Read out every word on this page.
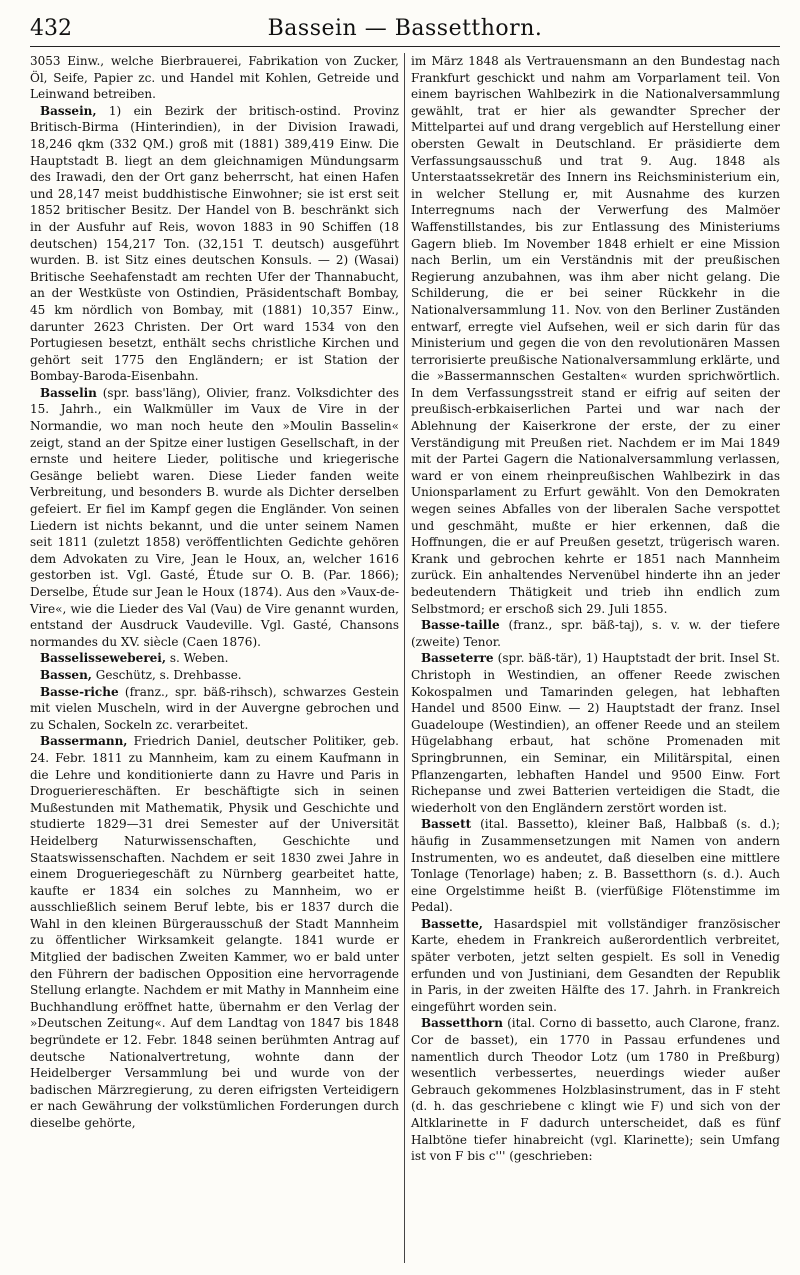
432	Bassein — Bassetthorn.

3053 Einw., welche Bierbrauerei, Fabrikation von Zucker, Öl, Seife, Papier zc. und Handel mit Kohlen, Getreide und Leinwand betreiben.

Bassein, 1) ein Bezirk der britisch-ostind. Provinz Britisch-Birma (Hinterindien), in der Division Irawadi, 18,246 qkm (332 QM.) groß mit (1881) 389,419 Einw. Die Hauptstadt B. liegt an dem gleichnamigen Mündungsarm des Irawadi, den der Ort ganz beherrscht, hat einen Hafen und 28,147 meist buddhistische Einwohner; sie ist erst seit 1852 britischer Besitz. Der Handel von B. beschränkt sich in der Ausfuhr auf Reis, wovon 1883 in 90 Schiffen (18 deutschen) 154,217 Ton. (32,151 T. deutsch) ausgeführt wurden. B. ist Sitz eines deutschen Konsuls. — 2) (Wasai) Britische Seehafenstadt am rechten Ufer der Thannabucht, an der Westküste von Ostindien, Präsidentschaft Bombay, 45 km nördlich von Bombay, mit (1881) 10,357 Einw., darunter 2623 Christen. Der Ort ward 1534 von den Portugiesen besetzt, enthält sechs christliche Kirchen und gehört seit 1775 den Engländern; er ist Station der Bombay-Baroda-Eisenbahn.

Basselin (spr. bass'läng), Olivier, franz. Volksdichter des 15. Jahrh., ein Walkmüller im Vaux de Vire in der Normandie, wo man noch heute den »Moulin Basselin« zeigt, stand an der Spitze einer lustigen Gesellschaft, in der ernste und heitere Lieder, politische und kriegerische Gesänge beliebt waren. Diese Lieder fanden weite Verbreitung, und besonders B. wurde als Dichter derselben gefeiert. Er fiel im Kampf gegen die Engländer. Von seinen Liedern ist nichts bekannt, und die unter seinem Namen seit 1811 (zuletzt 1858) veröffentlichten Gedichte gehören dem Advokaten zu Vire, Jean le Houx, an, welcher 1616 gestorben ist. Vgl. Gasté, Étude sur O. B. (Par. 1866); Derselbe, Étude sur Jean le Houx (1874). Aus den »Vaux-de-Vire«, wie die Lieder des Val (Vau) de Vire genannt wurden, entstand der Ausdruck Vaudeville. Vgl. Gasté, Chansons normandes du XV. siècle (Caen 1876).

Basselisseweberei, s. Weben.

Bassen, Geschütz, s. Drehbasse.

Basse-riche (franz., spr. bäß-rihsch), schwarzes Gestein mit vielen Muscheln, wird in der Auvergne gebrochen und zu Schalen, Sockeln zc. verarbeitet.

Bassermann, Friedrich Daniel, deutscher Politiker, geb. 24. Febr. 1811 zu Mannheim, kam zu einem Kaufmann in die Lehre und konditionierte dann zu Havre und Paris in Droguerieгeschäften. Er beschäftigte sich in seinen Mußestunden mit Mathematik, Physik und Geschichte und studierte 1829—31 drei Semester auf der Universität Heidelberg Naturwissenschaften, Geschichte und Staatswissenschaften. Nachdem er seit 1830 zwei Jahre in einem Drogueriegeschäft zu Nürnberg gearbeitet hatte, kaufte er 1834 ein solches zu Mannheim, wo er ausschließlich seinem Beruf lebte, bis er 1837 durch die Wahl in den kleinen Bürgerausschuß der Stadt Mannheim zu öffentlicher Wirksamkeit gelangte. 1841 wurde er Mitglied der badischen Zweiten Kammer, wo er bald unter den Führern der badischen Opposition eine hervorragende Stellung erlangte. Nachdem er mit Mathy in Mannheim eine Buchhandlung eröffnet hatte, übernahm er den Verlag der »Deutschen Zeitung«. Auf dem Landtag von 1847 bis 1848 begründete er 12. Febr. 1848 seinen berühmten Antrag auf deutsche Nationalvertretung, wohnte dann der Heidelberger Versammlung bei und wurde von der badischen Märzregierung, zu deren eifrigsten Verteidigern er nach Gewährung der volkstümlichen Forderungen durch dieselbe gehörte,

im März 1848 als Vertrauensmann an den Bundestag nach Frankfurt geschickt und nahm am Vorparlament teil. Von einem bayrischen Wahlbezirk in die Nationalversammlung gewählt, trat er hier als gewandter Sprecher der Mittelpartei auf und drang vergeblich auf Herstellung einer obersten Gewalt in Deutschland. Er präsidierte dem Verfassungsausschuß und trat 9. Aug. 1848 als Unterstaatssekretär des Innern ins Reichsministerium ein, in welcher Stellung er, mit Ausnahme des kurzen Interregnums nach der Verwerfung des Malmöer Waffenstillstandes, bis zur Entlassung des Ministeriums Gagern blieb. Im November 1848 erhielt er eine Mission nach Berlin, um ein Verständnis mit der preußischen Regierung anzubahnen, was ihm aber nicht gelang. Die Schilderung, die er bei seiner Rückkehr in die Nationalversammlung 11. Nov. von den Berliner Zuständen entwarf, erregte viel Aufsehen, weil er sich darin für das Ministerium und gegen die von den revolutionären Massen terrorisierte preußische Nationalversammlung erklärte, und die »Bassermannschen Gestalten« wurden sprichwörtlich. In dem Verfassungsstreit stand er eifrig auf seiten der preußisch-erbkaiserlichen Partei und war nach der Ablehnung der Kaiserkrone der erste, der zu einer Verständigung mit Preußen riet. Nachdem er im Mai 1849 mit der Partei Gagern die Nationalversammlung verlassen, ward er von einem rheinpreußischen Wahlbezirk in das Unionsparlament zu Erfurt gewählt. Von den Demokraten wegen seines Abfalles von der liberalen Sache verspottet und geschmäht, mußte er hier erkennen, daß die Hoffnungen, die er auf Preußen gesetzt, trügerisch waren. Krank und gebrochen kehrte er 1851 nach Mannheim zurück. Ein anhaltendes Nervenübel hinderte ihn an jeder bedeutendern Thätigkeit und trieb ihn endlich zum Selbstmord; er erschoß sich 29. Juli 1855.

Basse-taille (franz., spr. bäß-taj), s. v. w. der tiefere (zweite) Tenor.

Basseterre (spr. bäß-tär), 1) Hauptstadt der brit. Insel St. Christoph in Westindien, an offener Reede zwischen Kokospalmen und Tamarinden gelegen, hat lebhaften Handel und 8500 Einw. — 2) Hauptstadt der franz. Insel Guadeloupe (Westindien), an offener Reede und an steilem Hügelabhang erbaut, hat schöne Promenaden mit Springbrunnen, ein Seminar, ein Militärspital, einen Pflanzengarten, lebhaften Handel und 9500 Einw. Fort Richepanse und zwei Batterien verteidigen die Stadt, die wiederholt von den Engländern zerstört worden ist.

Bassett (ital. Bassetto), kleiner Baß, Halbbaß (s. d.); häufig in Zusammensetzungen mit Namen von andern Instrumenten, wo es andeutet, daß dieselben eine mittlere Tonlage (Tenorlage) haben; z. B. Bassetthorn (s. d.). Auch eine Orgelstimme heißt B. (vierfüßige Flötenstimme im Pedal).

Bassette, Hasardspiel mit vollständiger französischer Karte, ehedem in Frankreich außerordentlich verbreitet, später verboten, jetzt selten gespielt. Es soll in Venedig erfunden und von Justiniani, dem Gesandten der Republik in Paris, in der zweiten Hälfte des 17. Jahrh. in Frankreich eingeführt worden sein.

Bassetthorn (ital. Corno di bassetto, auch Clarone, franz. Cor de basset), ein 1770 in Passau erfundenes und namentlich durch Theodor Lotz (um 1780 in Preßburg) wesentlich verbessertes, neuerdings wieder außer Gebrauch gekommenes Holzblasinstrument, das in F steht (d. h. das geschriebene c klingt wie F) und sich von der Altklarinette in F dadurch unterscheidet, daß es fünf Halbtöne tiefer hinabreicht (vgl. Klarinette); sein Umfang ist von F bis c''' (geschrieben:
